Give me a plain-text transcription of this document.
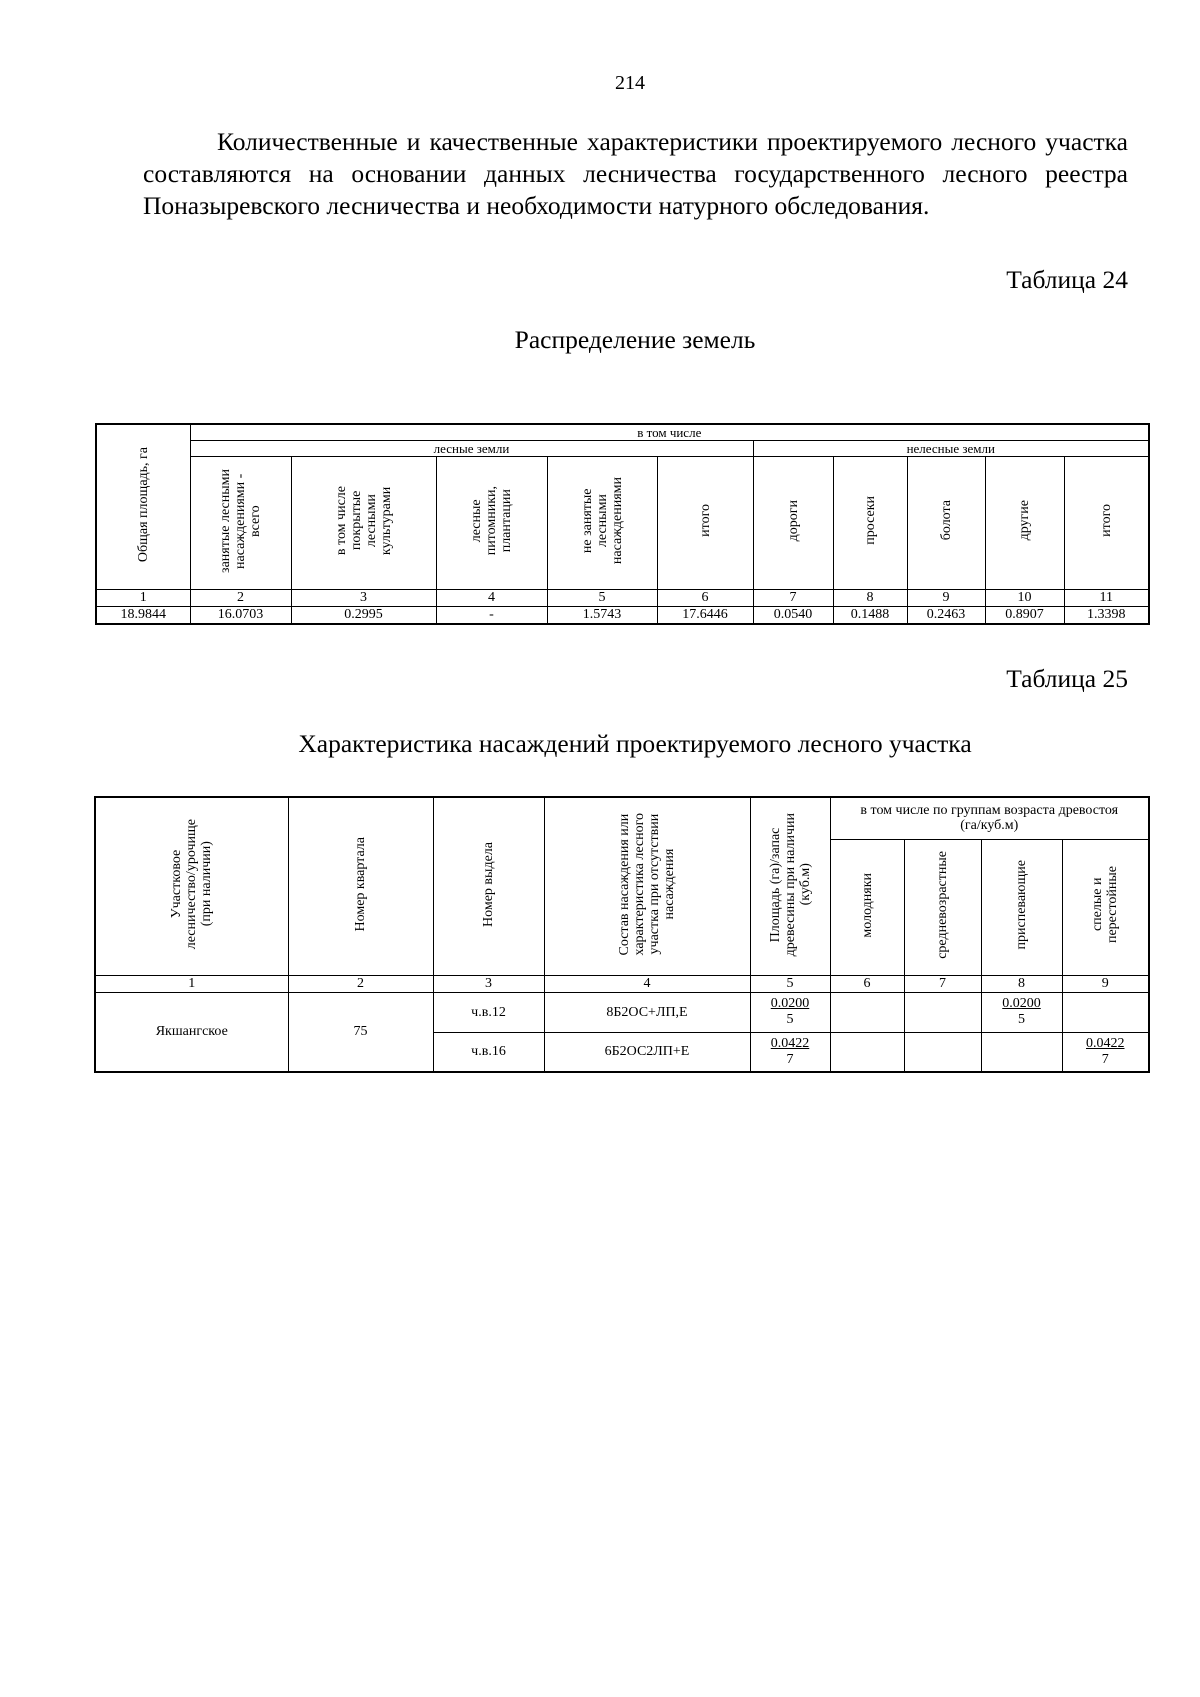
214

Количественные и качественные характеристики проектируемого лесного участка составляются на основании данных лесничества государственного лесного реестра Поназыревского лесничества и необходимости натурного обследования.

Таблица 24
Распределение земель
Общая площадь, га	в том числе									
	лесные земли					нелесные земли				
	занятые лесными
насаждениями -
всего	в том числе
покрытые
лесными
культурами	лесные
питомники,
плантации	не занятые
лесными
насаждениями	итого	дороги	просеки	болота	другие	итого
1	2	3	4	5	6	7	8	9	10	11
18.9844	16.0703	0.2995	-	1.5743	17.6446	0.0540	0.1488	0.2463	0.8907	1.3398
Таблица 25
Характеристика насаждений проектируемого лесного участка
Участковое
лесничество/урочище
(при наличии)	Номер квартала	Номер выдела	Состав насаждения или
характеристика лесного
участка при отсутствии
насаждения	Площадь (га)/запас
древесины при наличии
(куб.м)	в том числе по группам возраста древостоя
(га/куб.м)			
					молодняки	средневозрастные	приспевающие	спелые и
перестойные
1	2	3	4	5	6	7	8	9
Якшангское	75	ч.в.12	8Б2ОС+ЛП,Е	$\frac{0.0200}{5}$			$\frac{0.0200}{5}$

		ч.в.16	6Б2ОС2ЛП+Е	$\frac{0.0422}{7}$				$\frac{0.0422}{7}$
